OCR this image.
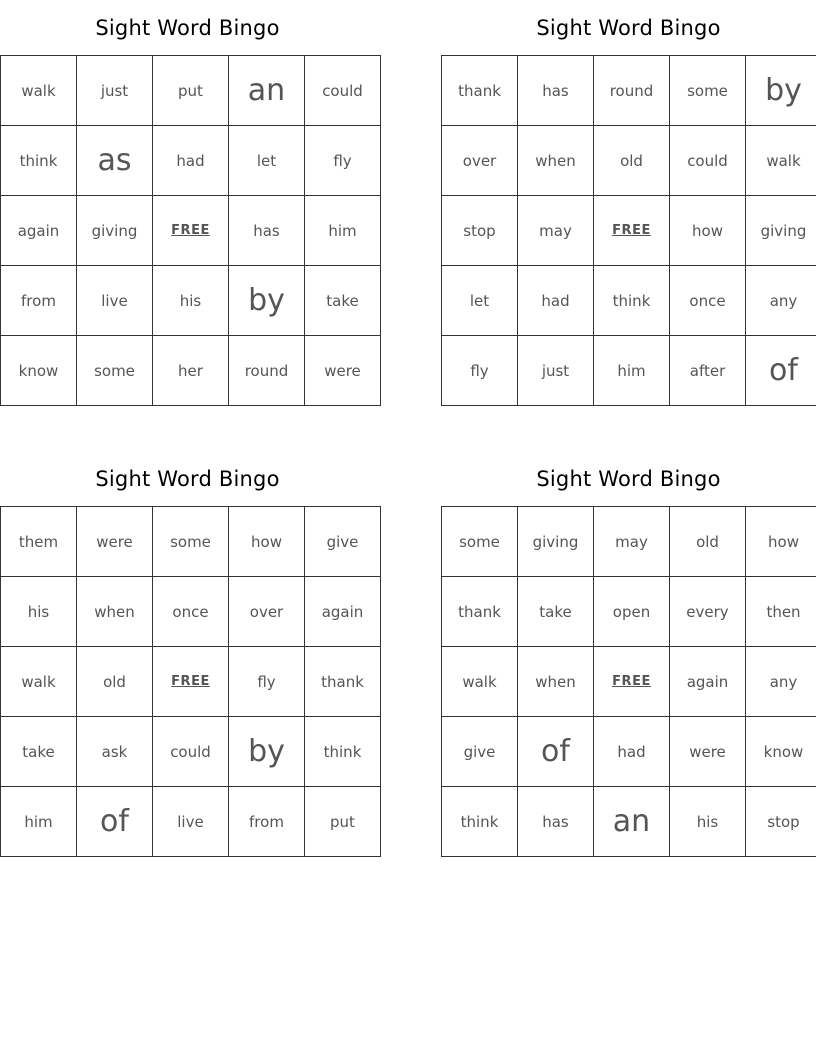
Sight Word Bingo
walk	just	put	an	could
think	as	had	let	fly
again	giving	FREE	has	him
from	live	his	by	take
know	some	her	round	were
Sight Word Bingo
thank	has	round	some	by
over	when	old	could	walk
stop	may	FREE	how	giving
let	had	think	once	any
fly	just	him	after	of
Sight Word Bingo
them	were	some	how	give
his	when	once	over	again
walk	old	FREE	fly	thank
take	ask	could	by	think
him	of	live	from	put
Sight Word Bingo
some	giving	may	old	how
thank	take	open	every	then
walk	when	FREE	again	any
give	of	had	were	know
think	has	an	his	stop
